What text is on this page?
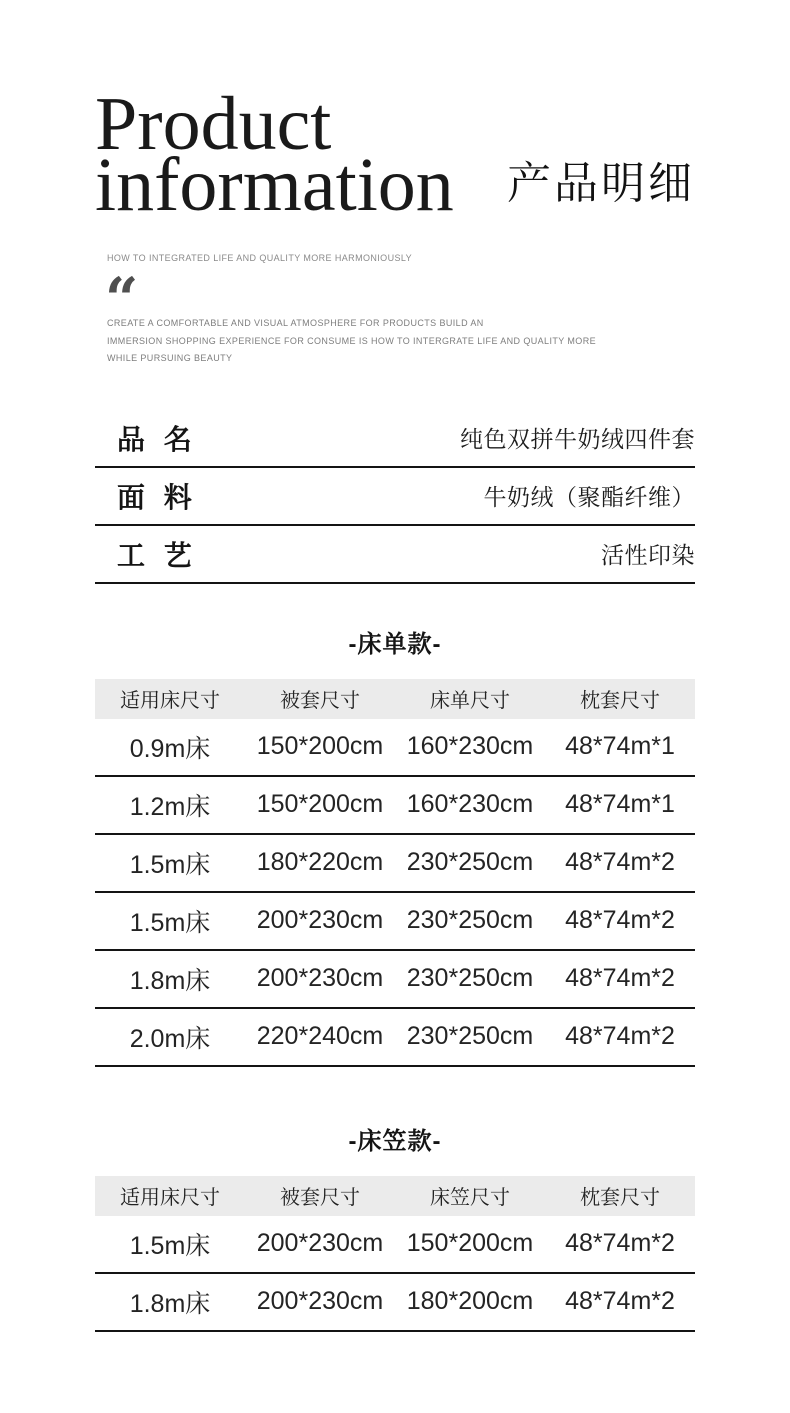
Product
information 产品明细
HOW TO INTEGRATED LIFE AND QUALITY MORE HARMONIOUSLY
“
CREATE A COMFORTABLE AND VISUAL ATMOSPHERE FOR PRODUCTS BUILD AN
IMMERSION SHOPPING EXPERIENCE FOR CONSUME IS HOW TO INTERGRATE LIFE AND QUALITY MORE
WHILE PURSUING BEAUTY
品 名	纯色双拼牛奶绒四件套
面 料	牛奶绒（聚酯纤维）
工 艺	活性印染
-床单款-
适用床尺寸	被套尺寸	床单尺寸	枕套尺寸
0.9m床	150*200cm 160*230cm	48*74m*1
1.2m床	150*200cm 160*230cm	48*74m*1
1.5m床	180*220cm 230*250cm	48*74m*2
1.5m床	200*230cm 230*250cm	48*74m*2
1.8m床	200*230cm 230*250cm	48*74m*2
2.0m床	220*240cm 230*250cm	48*74m*2
-床笠款-
适用床尺寸	被套尺寸	床笠尺寸	枕套尺寸
1.5m床	200*230cm 150*200cm	48*74m*2
1.8m床	200*230cm 180*200cm	48*74m*2
